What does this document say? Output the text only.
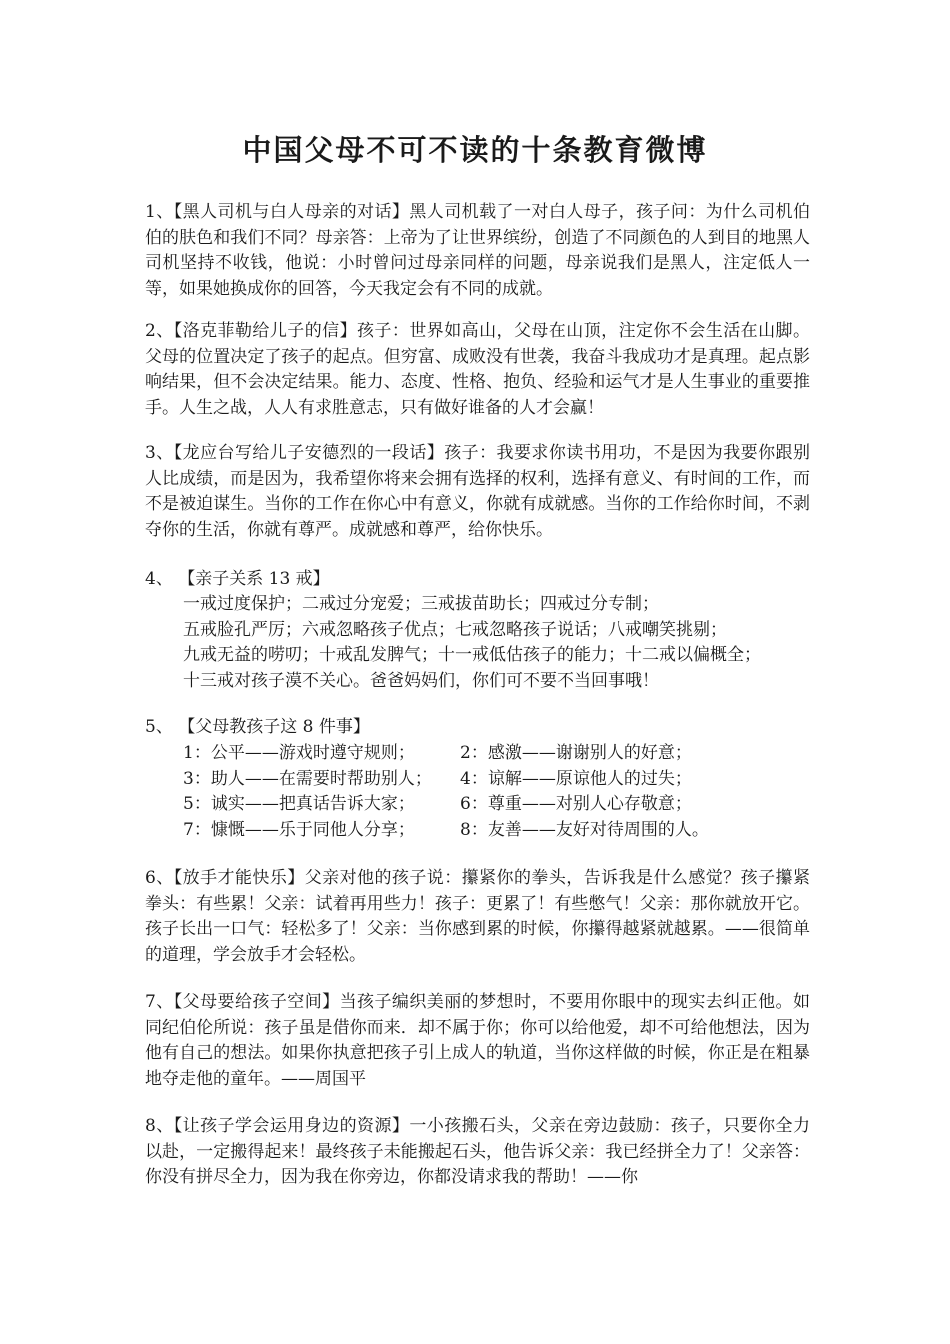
中国父母不可不读的十条教育微博

1、【黑人司机与白人母亲的对话】黑人司机载了一对白人母子，孩子问：为什么司机伯伯的肤色和我们不同？母亲答：上帝为了让世界缤纷，创造了不同颜色的人到目的地黑人司机坚持不收钱，他说：小时曾问过母亲同样的问题，母亲说我们是黑人，注定低人一等，如果她换成你的回答，今天我定会有不同的成就。

2、【洛克菲勒给儿子的信】孩子：世界如高山，父母在山顶，注定你不会生活在山脚。父母的位置决定了孩子的起点。但穷富、成败没有世袭，我奋斗我成功才是真理。起点影响结果，但不会决定结果。能力、态度、性格、抱负、经验和运气才是人生事业的重要推手。人生之战，人人有求胜意志，只有做好谁备的人才会赢！

3、【龙应台写给儿子安德烈的一段话】孩子：我要求你读书用功，不是因为我要你跟别人比成绩，而是因为，我希望你将来会拥有选择的权利，选择有意义、有时间的工作，而不是被迫谋生。当你的工作在你心中有意义，你就有成就感。当你的工作给你时间，不剥夺你的生活，你就有尊严。成就感和尊严，给你快乐。

4、 【亲子关系 13 戒】
一戒过度保护；二戒过分宠爱；三戒拔苗助长；四戒过分专制；
五戒脸孔严厉；六戒忽略孩子优点；七戒忽略孩子说话；八戒嘲笑挑剔；
九戒无益的唠叨；十戒乱发脾气；十一戒低估孩子的能力；十二戒以偏概全；
十三戒对孩子漠不关心。爸爸妈妈们，你们可不要不当回事哦！
5、 【父母教孩子这 8 件事】
1：公平——游戏时遵守规则；	2：感激——谢谢别人的好意；
3：助人——在需要时帮助别人；	4：谅解——原谅他人的过失；
5：诚实——把真话告诉大家；	6：尊重——对别人心存敬意；
7：慷慨——乐于同他人分享；	8：友善——友好对待周围的人。

6、【放手才能快乐】父亲对他的孩子说：攥紧你的拳头，告诉我是什么感觉？孩子攥紧拳头：有些累！父亲：试着再用些力！孩子：更累了！有些憋气！父亲：那你就放开它。孩子长出一口气：轻松多了！父亲：当你感到累的时候，你攥得越紧就越累。——很简单的道理，学会放手才会轻松。

7、【父母要给孩子空间】当孩子编织美丽的梦想时，不要用你眼中的现实去纠正他。如同纪伯伦所说：孩子虽是借你而来．却不属于你；你可以给他爱，却不可给他想法，因为他有自己的想法。如果你执意把孩子引上成人的轨道，当你这样做的时候，你正是在粗暴地夺走他的童年。——周国平

8、【让孩子学会运用身边的资源】一小孩搬石头，父亲在旁边鼓励：孩子，只要你全力以赴，一定搬得起来！最终孩子未能搬起石头，他告诉父亲：我已经拼全力了！父亲答：你没有拼尽全力，因为我在你旁边，你都没请求我的帮助！——你
